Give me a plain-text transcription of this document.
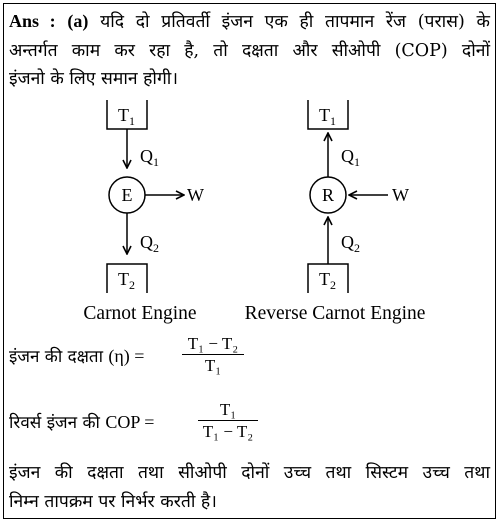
Ans : (a) यदि दो प्रतिवर्ती इंजन एक ही तापमान रेंज (परास) के
अन्तर्गत काम कर रहा है, तो दक्षता और सीओपी (COP) दोनों
इंजनो के लिए समान होगी।
$T_1$
$Q_1$
E	W
$Q_2$
$T_2$
Carnot Engine
$T_1$
$Q_1$
R	W
$Q_2$
$T_2$
Reverse Carnot Engine
इंजन की दक्षता $(\eta) = \frac{\text{T₁ − T₂}}{\text{T₁}}$
रिवर्स इंजन की COP =	$\frac{\text{T₁}}{\text{T₁ − T₂}}$
इंजन की दक्षता तथा सीओपी दोनों उच्च तथा सिस्टम उच्च तथा
निम्न तापक्रम पर निर्भर करती है।
